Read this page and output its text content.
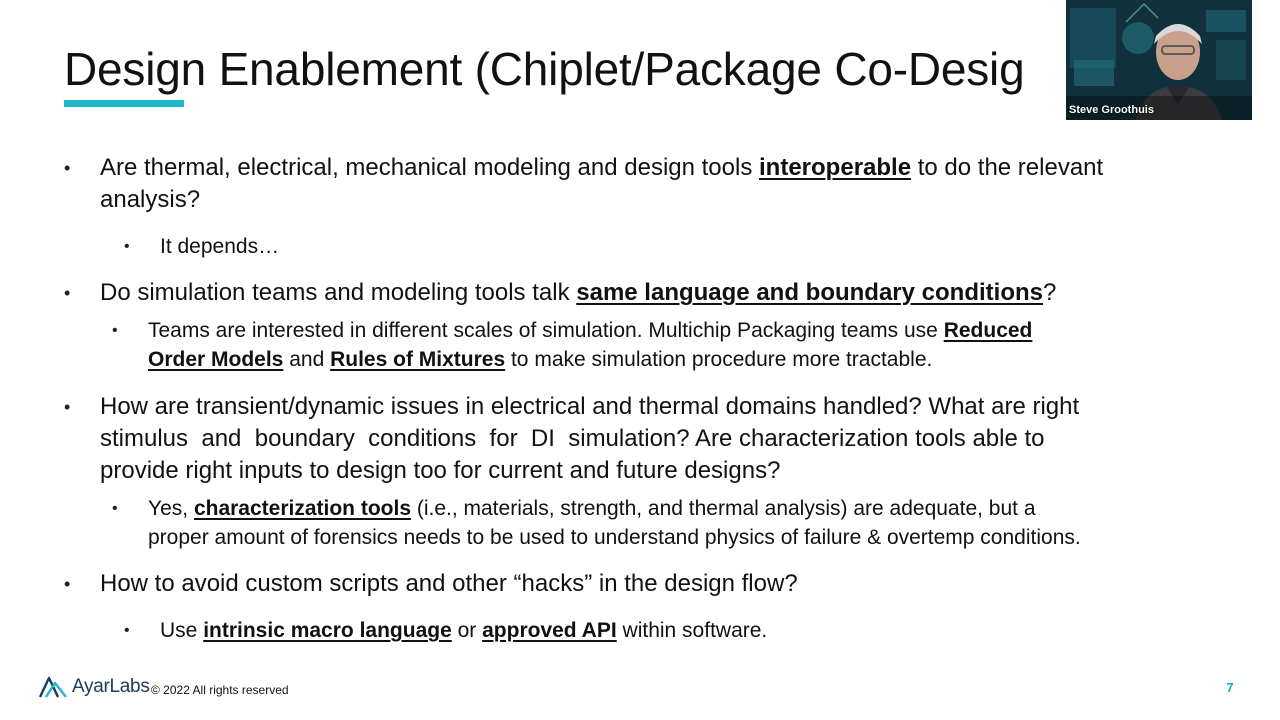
Design Enablement (Chiplet/Package Co-Desig
• Are thermal, electrical, mechanical modeling and design tools interoperable to do the relevant

analysis?

• It depends…

• Do simulation teams and modeling tools talk same language and boundary conditions?

• Teams are interested in different scales of simulation. Multichip Packaging teams use Reduced

Order Models and Rules of Mixtures to make simulation procedure more tractable.

• How are transient/dynamic issues in electrical and thermal domains handled? What are right

stimulus  and  boundary  conditions  for  DI  simulation? Are characterization tools able to

provide right inputs to design too for current and future designs?

• Yes, characterization tools (i.e., materials, strength, and thermal analysis) are adequate, but a

proper amount of forensics needs to be used to understand physics of failure & overtemp conditions.

• How to avoid custom scripts and other “hacks” in the design flow?

• Use intrinsic macro language or approved API within software.

AyarLabs © 2022 All rights reserved	7
Steve Groothuis
